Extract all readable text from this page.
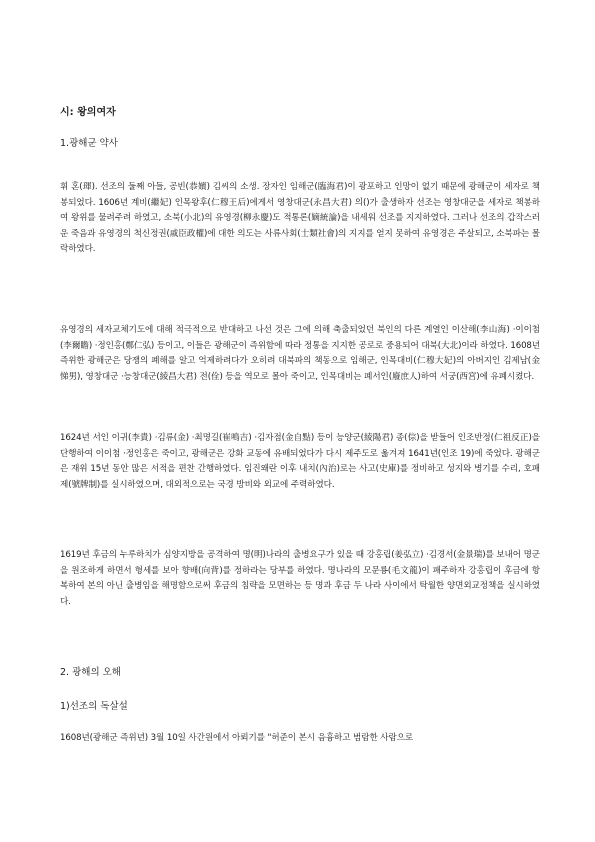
시: 왕의여자
1.광해군 약사

휘 혼(琿). 선조의 둘째 아들, 공빈(恭嬪) 김씨의 소생. 장자인 임해군(臨海君)이 광포하고 인망이 없기 때문에 광해군이 세자로 책봉되었다. 1606년 계비(繼妃) 인목왕후(仁穆王后)에게서 영창대군(永昌大君) 의()가 출생하자 선조는 영창대군을 세자로 책봉하여 왕위를 물려주려 하였고, 소북(小北)의 유영경(柳永慶)도 적통론(嫡統論)을 내세워 선조를 지지하였다. 그러나 선조의 갑작스러운 죽음과 유영경의 척신정권(戚臣政權)에 대한 의도는 사류사회(士類社會)의 지지를 얻지 못하여 유영경은 주살되고, 소북파는 몰락하였다.

유영경의 세자교체기도에 대해 적극적으로 반대하고 나선 것은 그에 의해 축출되었던 북인의 다른 계열인 이산해(李山海) ·이이첨(李爾瞻) ·정인홍(鄭仁弘) 등이고, 이들은 광해군이 즉위함에 따라 정통을 지지한 공로로 중용되어 대북(大北)이라 하였다. 1608년 즉위한 광해군은 당쟁의 폐해를 알고 억제하려다가 오히려 대북파의 책동으로 임해군, 인목대비(仁穆大妃)의 아버지인 김제남(金悌男), 영창대군 ·능창대군(綾昌大君) 전(佺) 등을 역모로 몰아 죽이고, 인목대비는 폐서인(廢庶人)하여 서궁(西宮)에 유폐시켰다.

1624년 서인 이귀(李貴) ·김류(金) ·최명길(崔鳴吉) ·김자점(金自點) 등이 능양군(綾陽君) 종(倧)을 받들어 인조반정(仁祖反正)을 단행하여 이이첨 ·정인홍은 죽이고, 광해군은 강화 교동에 유배되었다가 다시 제주도로 옮겨져 1641년(인조 19)에 죽었다. 광해군은 재위 15년 동안 많은 서적을 편찬 간행하였다. 임진왜란 이후 내치(內治)로는 사고(史庫)를 정비하고 성지와 병기를 수리, 호패제(號牌制)를 실시하였으며, 대외적으로는 국경 방비와 외교에 주력하였다.

1619년 후금의 누루하치가 심양지방을 공격하여 명(明)나라의 출병요구가 있을 때 강홍립(姜弘立) ·김경서(金景瑞)를 보내어 명군을 원조하게 하면서 형세를 보아 향배(向背)를 정하라는 당부를 하였다. 명나라의 모문룡(毛文龍)이 패주하자 강홍립이 후금에 항복하여 본의 아닌 출병임을 해명함으로써 후금의 침략을 모면하는 등 명과 후금 두 나라 사이에서 탁월한 양면외교정책을 실시하였다.

2. 광해의 오해
1)선조의 독살설

1608년(광해군 즉위년) 3월 10일 사간원에서 아뢰기를 "허준이 본시 음흉하고 범람한 사람으로
